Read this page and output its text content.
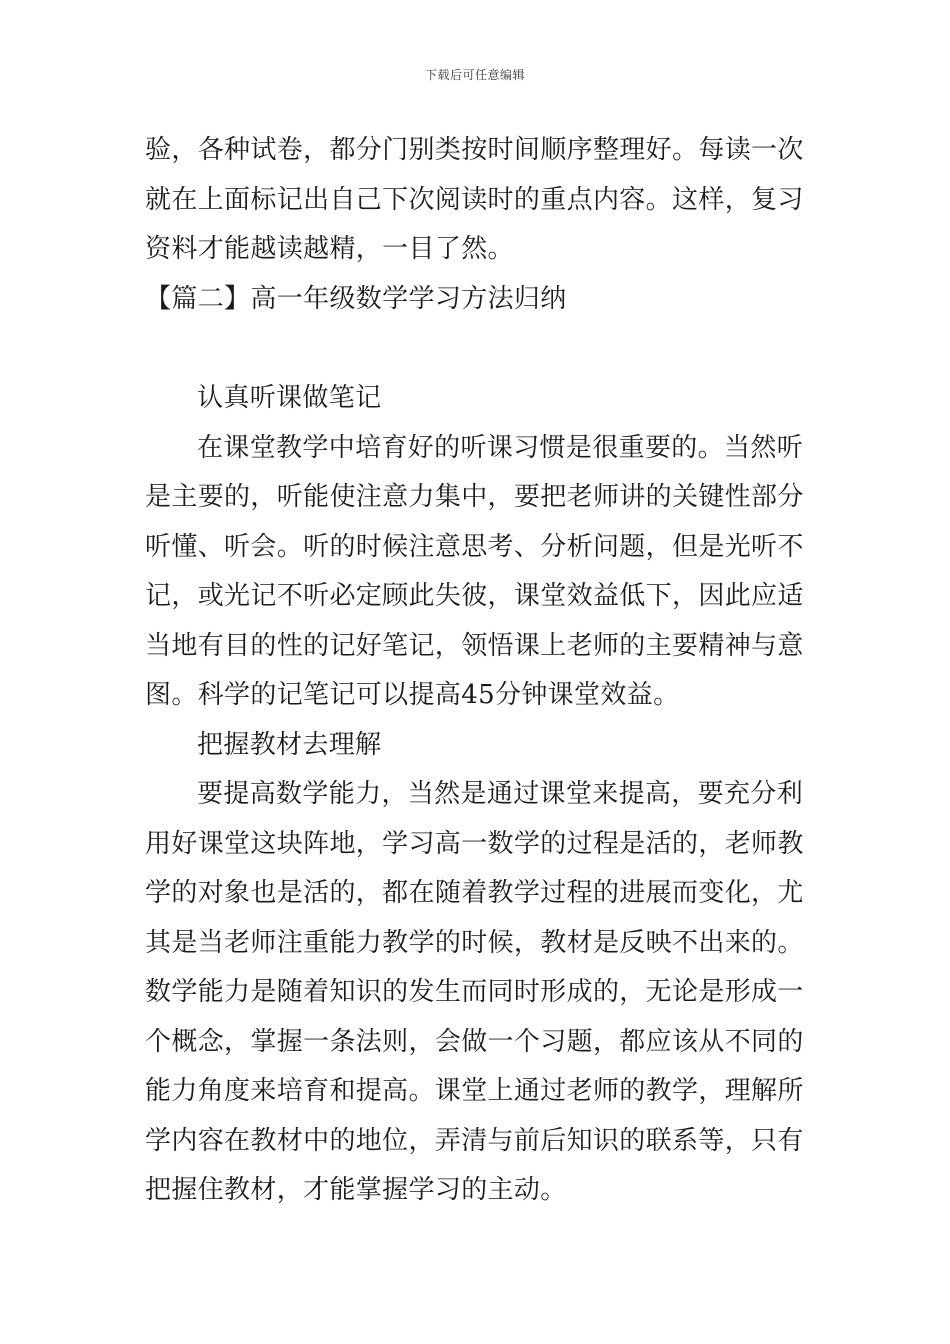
下载后可任意编辑
验，各种试卷，都分门别类按时间顺序整理好。每读一次
就在上面标记出自己下次阅读时的重点内容。这样，复习
资料才能越读越精，一目了然。
【篇二】高一年级数学学习方法归纳
认真听课做笔记
在课堂教学中培育好的听课习惯是很重要的。当然听
是主要的，听能使注意力集中，要把老师讲的关键性部分
听懂、听会。听的时候注意思考、分析问题，但是光听不
记，或光记不听必定顾此失彼，课堂效益低下，因此应适
当地有目的性的记好笔记，领悟课上老师的主要精神与意
图。科学的记笔记可以提高45分钟课堂效益。
把握教材去理解
要提高数学能力，当然是通过课堂来提高，要充分利
用好课堂这块阵地，学习高一数学的过程是活的，老师教
学的对象也是活的，都在随着教学过程的进展而变化，尤
其是当老师注重能力教学的时候，教材是反映不出来的。
数学能力是随着知识的发生而同时形成的，无论是形成一
个概念，掌握一条法则，会做一个习题，都应该从不同的
能力角度来培育和提高。课堂上通过老师的教学，理解所
学内容在教材中的地位，弄清与前后知识的联系等，只有
把握住教材，才能掌握学习的主动。
